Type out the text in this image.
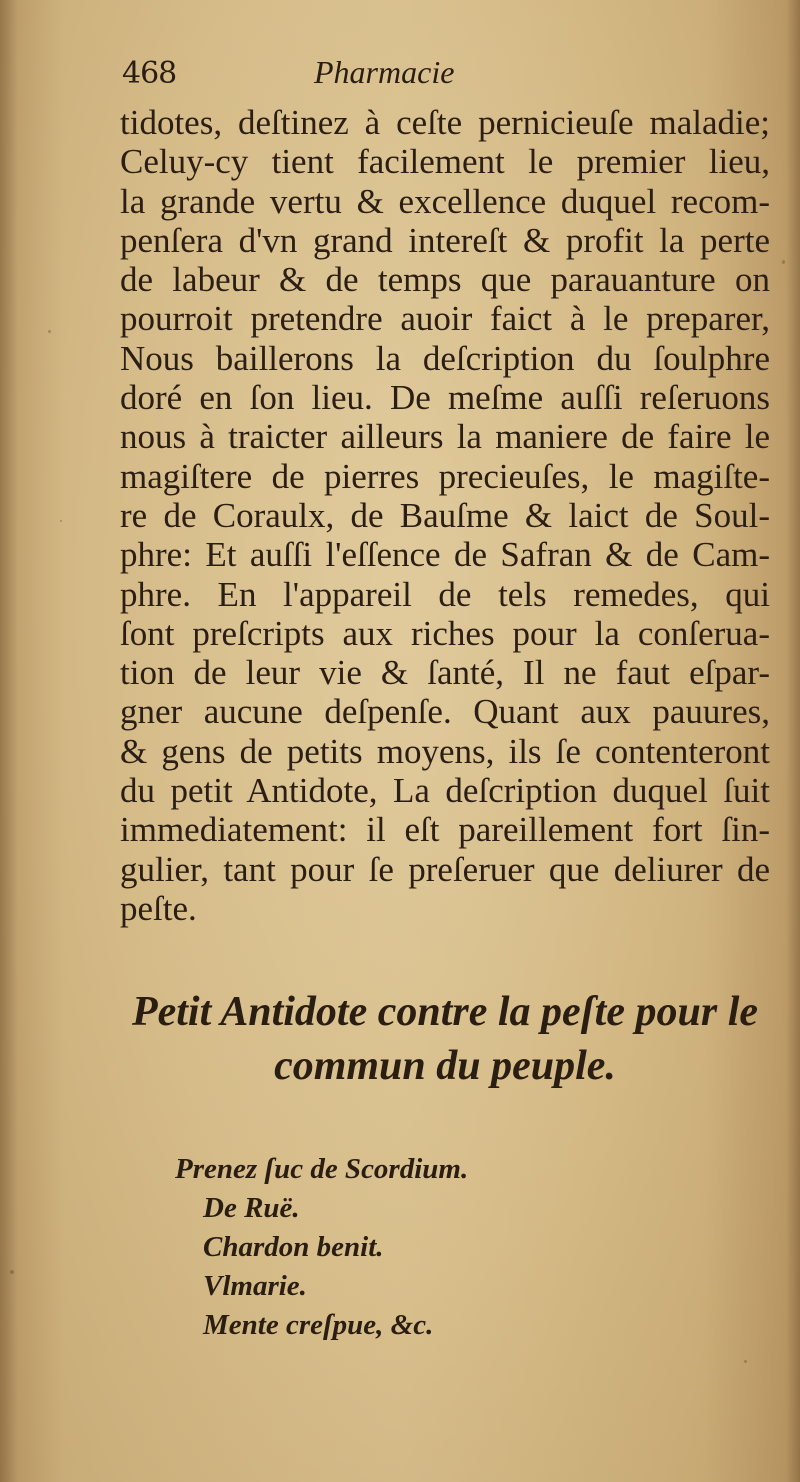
468	Pharmacie
tidotes, deſtinez à ceſte pernicieuſe maladie;
Celuy-cy tient facilement le premier lieu,
la grande vertu & excellence duquel recom-
penſera d'vn grand intereſt & profit la perte
de labeur & de temps que parauanture on
pourroit pretendre auoir faict à le preparer,
Nous baillerons la deſcription du ſoulphre
doré en ſon lieu. De meſme auſſi reſeruons
nous à traicter ailleurs la maniere de faire le
magiſtere de pierres precieuſes, le magiſte-
re de Coraulx, de Bauſme & laict de Soul-
phre: Et auſſi l'eſſence de Safran & de Cam-
phre. En l'appareil de tels remedes, qui
ſont preſcripts aux riches pour la conſerua-
tion de leur vie & ſanté, Il ne faut eſpar-
gner aucune deſpenſe. Quant aux pauures,
& gens de petits moyens, ils ſe contenteront
du petit Antidote, La deſcription duquel ſuit
immediatement: il eſt pareillement fort ſin-
gulier, tant pour ſe preſeruer que deliurer de
peſte.
Petit Antidote contre la peſte pour le
commun du peuple.
Prenez ſuc de Scordium.
De Ruë.
Chardon benit.
Vlmarie.
Mente creſpue, &c.
